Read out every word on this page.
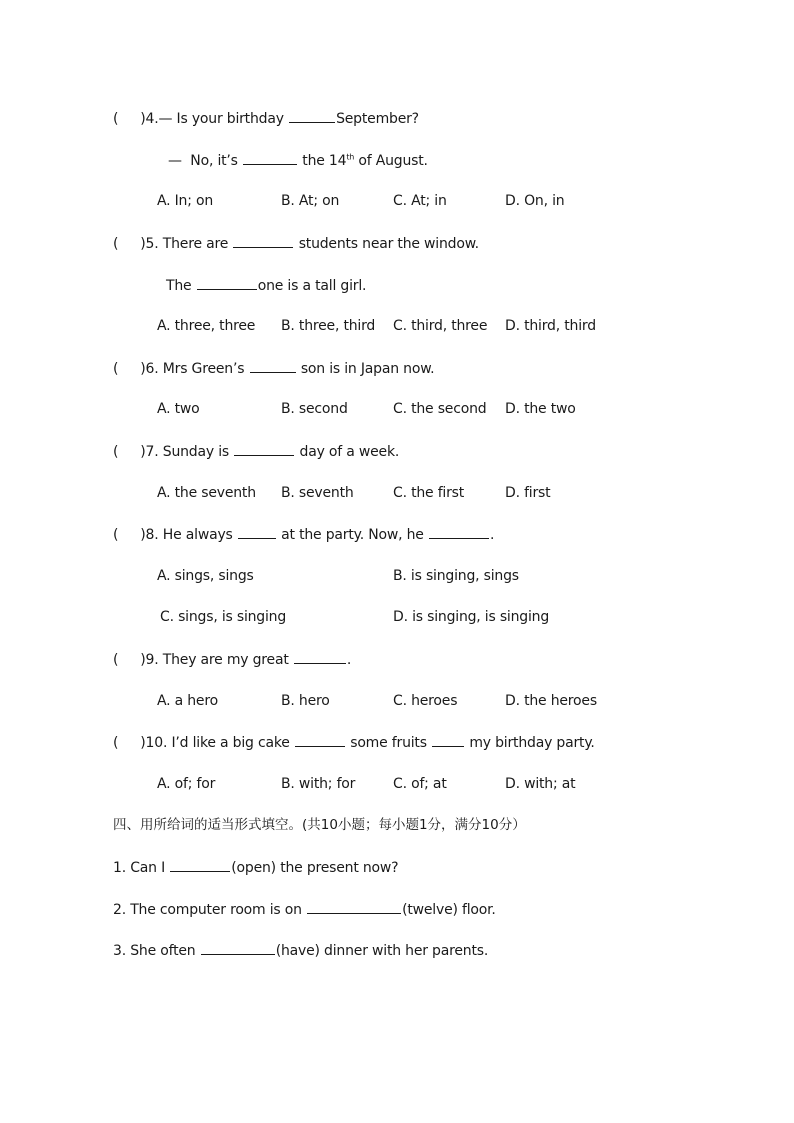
( )4.— Is your birthday	September?
—  No, it’s	the 14th of August.
A. In; on	B. At; on	C. At; in	D. On, in
( )5. There are	students near the window.
The	one is a tall girl.
A. three, three B. three, third C. third, three D. third, third
( )6. Mrs Green’s	son is in Japan now.
A. two	B. second	C. the second D. the two
( )7. Sunday is	day of a week.
A. the seventh B. seventh	C. the first	D. first
( )8. He always	at the party. Now, he	.
A. sings, sings	B. is singing, sings
C. sings, is singing	D. is singing, is singing
( )9. They are my great	.
A. a hero	B. hero	C. heroes	D. the heroes
( )10. I’d like a big cake	some fruits	my birthday party.
A. of; for	B. with; for	C. of; at	D. with; at
四、用所给词的适当形式填空。(共10小题；每小题1分，满分10分）
1. Can I	(open) the present now?
2. The computer room is on	(twelve) floor.
3. She often	(have) dinner with her parents.
